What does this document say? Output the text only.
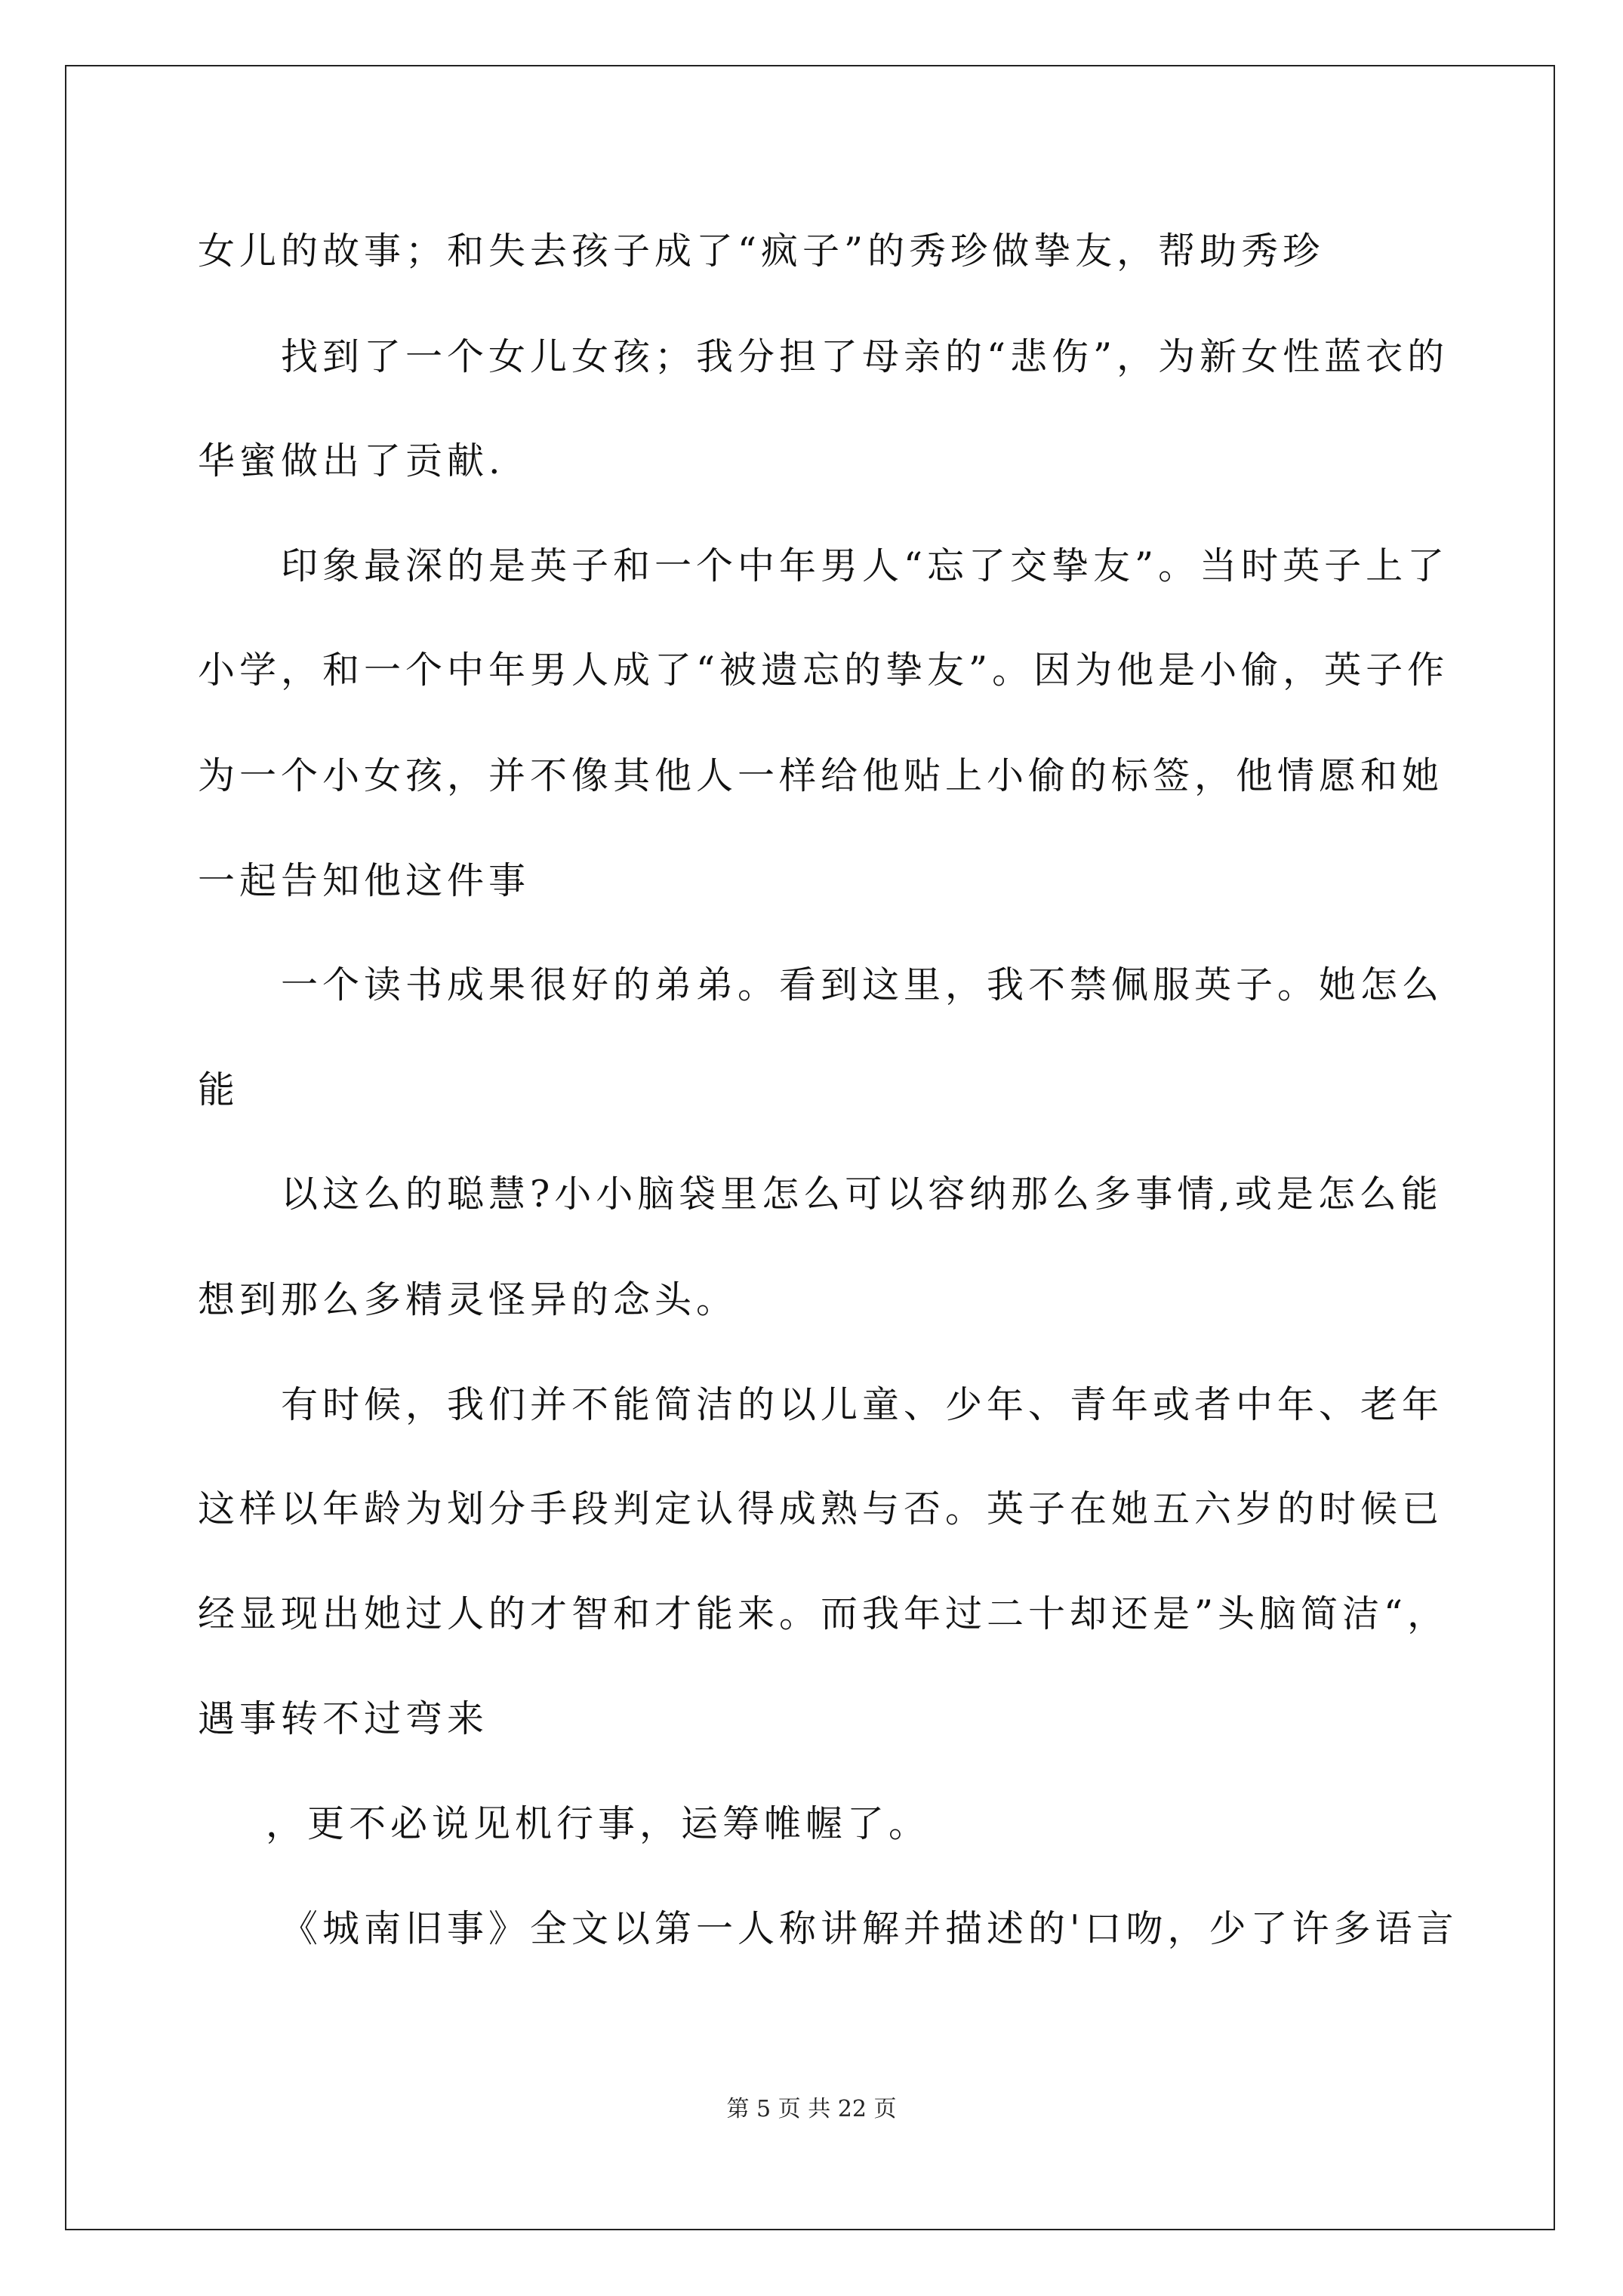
女儿的故事；和失去孩子成了“疯子”的秀珍做挚友，帮助秀珍
找到了一个女儿女孩；我分担了母亲的“悲伤”，为新女性蓝衣的
华蜜做出了贡献.
印象最深的是英子和一个中年男人“忘了交挚友”。当时英子上了
小学，和一个中年男人成了“被遗忘的挚友”。因为他是小偷，英子作
为一个小女孩，并不像其他人一样给他贴上小偷的标签，他情愿和她
一起告知他这件事
一个读书成果很好的弟弟。看到这里，我不禁佩服英子。她怎么
能
以这么的聪慧?小小脑袋里怎么可以容纳那么多事情,或是怎么能
想到那么多精灵怪异的念头。
有时候，我们并不能简洁的以儿童、少年、青年或者中年、老年
这样以年龄为划分手段判定认得成熟与否。英子在她五六岁的时候已
经显现出她过人的才智和才能来。而我年过二十却还是”头脑简洁“，
遇事转不过弯来
，更不必说见机行事，运筹帷幄了。
《城南旧事》全文以第一人称讲解并描述的'口吻，少了许多语言
第 5 页 共 22 页
